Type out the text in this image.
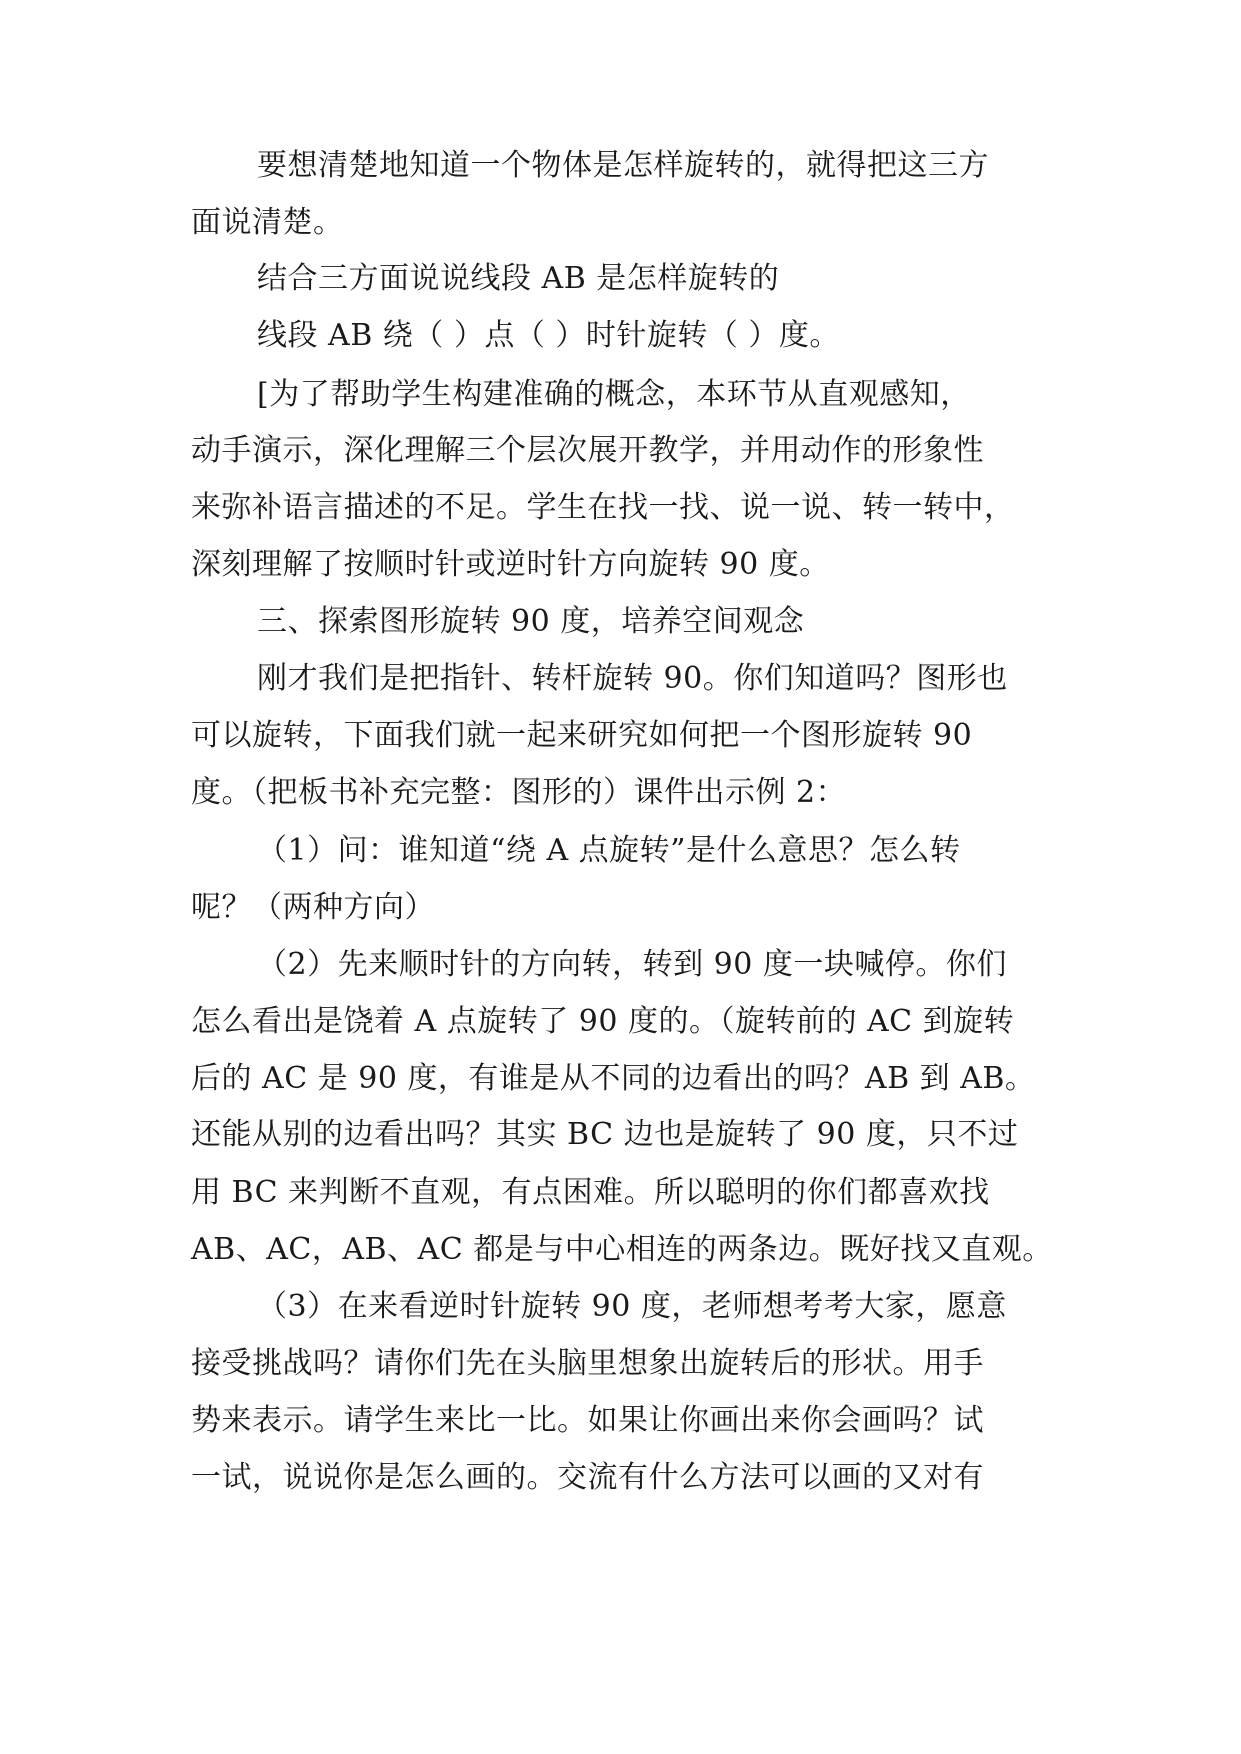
要想清楚地知道一个物体是怎样旋转的，就得把这三方

面说清楚。

结合三方面说说线段 AB 是怎样旋转的

线段 AB 绕（ ）点（ ）时针旋转（ ）度。

[为了帮助学生构建准确的概念，本环节从直观感知，

动手演示，深化理解三个层次展开教学，并用动作的形象性

来弥补语言描述的不足。学生在找一找、说一说、转一转中，

深刻理解了按顺时针或逆时针方向旋转 90 度。

三、探索图形旋转 90 度，培养空间观念

刚才我们是把指针、转杆旋转 90。你们知道吗？图形也

可以旋转，下面我们就一起来研究如何把一个图形旋转 90

度。（把板书补充完整：图形的）课件出示例 2：

（1）问：谁知道“绕 A 点旋转”是什么意思？怎么转

呢？（两种方向）

（2）先来顺时针的方向转，转到 90 度一块喊停。你们

怎么看出是饶着 A 点旋转了 90 度的。（旋转前的 AC 到旋转

后的 AC 是 90 度，有谁是从不同的边看出的吗？AB 到 AB。

还能从别的边看出吗？其实 BC 边也是旋转了 90 度，只不过

用 BC 来判断不直观，有点困难。所以聪明的你们都喜欢找

AB、AC，AB、AC 都是与中心相连的两条边。既好找又直观。

（3）在来看逆时针旋转 90 度，老师想考考大家，愿意

接受挑战吗？请你们先在头脑里想象出旋转后的形状。用手

势来表示。请学生来比一比。如果让你画出来你会画吗？试

一试，说说你是怎么画的。交流有什么方法可以画的又对有
